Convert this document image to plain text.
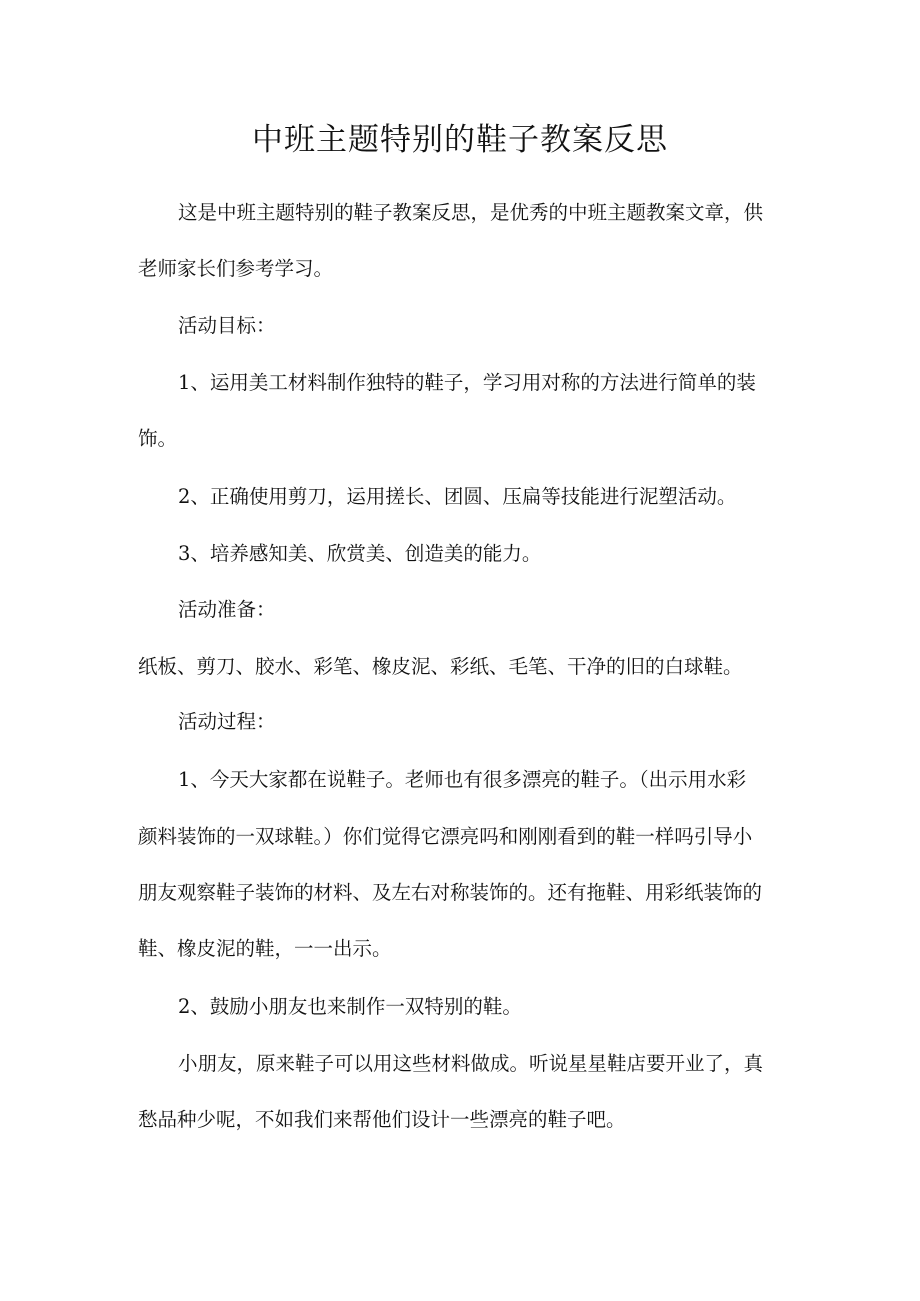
中班主题特别的鞋子教案反思

这是中班主题特别的鞋子教案反思，是优秀的中班主题教案文章，供

老师家长们参考学习。

活动目标：

1、运用美工材料制作独特的鞋子，学习用对称的方法进行简单的装

饰。

2、正确使用剪刀，运用搓长、团圆、压扁等技能进行泥塑活动。

3、培养感知美、欣赏美、创造美的能力。

活动准备：

纸板、剪刀、胶水、彩笔、橡皮泥、彩纸、毛笔、干净的旧的白球鞋。

活动过程：

1、今天大家都在说鞋子。老师也有很多漂亮的鞋子。（出示用水彩

颜料装饰的一双球鞋。）你们觉得它漂亮吗和刚刚看到的鞋一样吗引导小

朋友观察鞋子装饰的材料、及左右对称装饰的。还有拖鞋、用彩纸装饰的

鞋、橡皮泥的鞋，一一出示。

2、鼓励小朋友也来制作一双特别的鞋。

小朋友，原来鞋子可以用这些材料做成。听说星星鞋店要开业了，真

愁品种少呢，不如我们来帮他们设计一些漂亮的鞋子吧。
